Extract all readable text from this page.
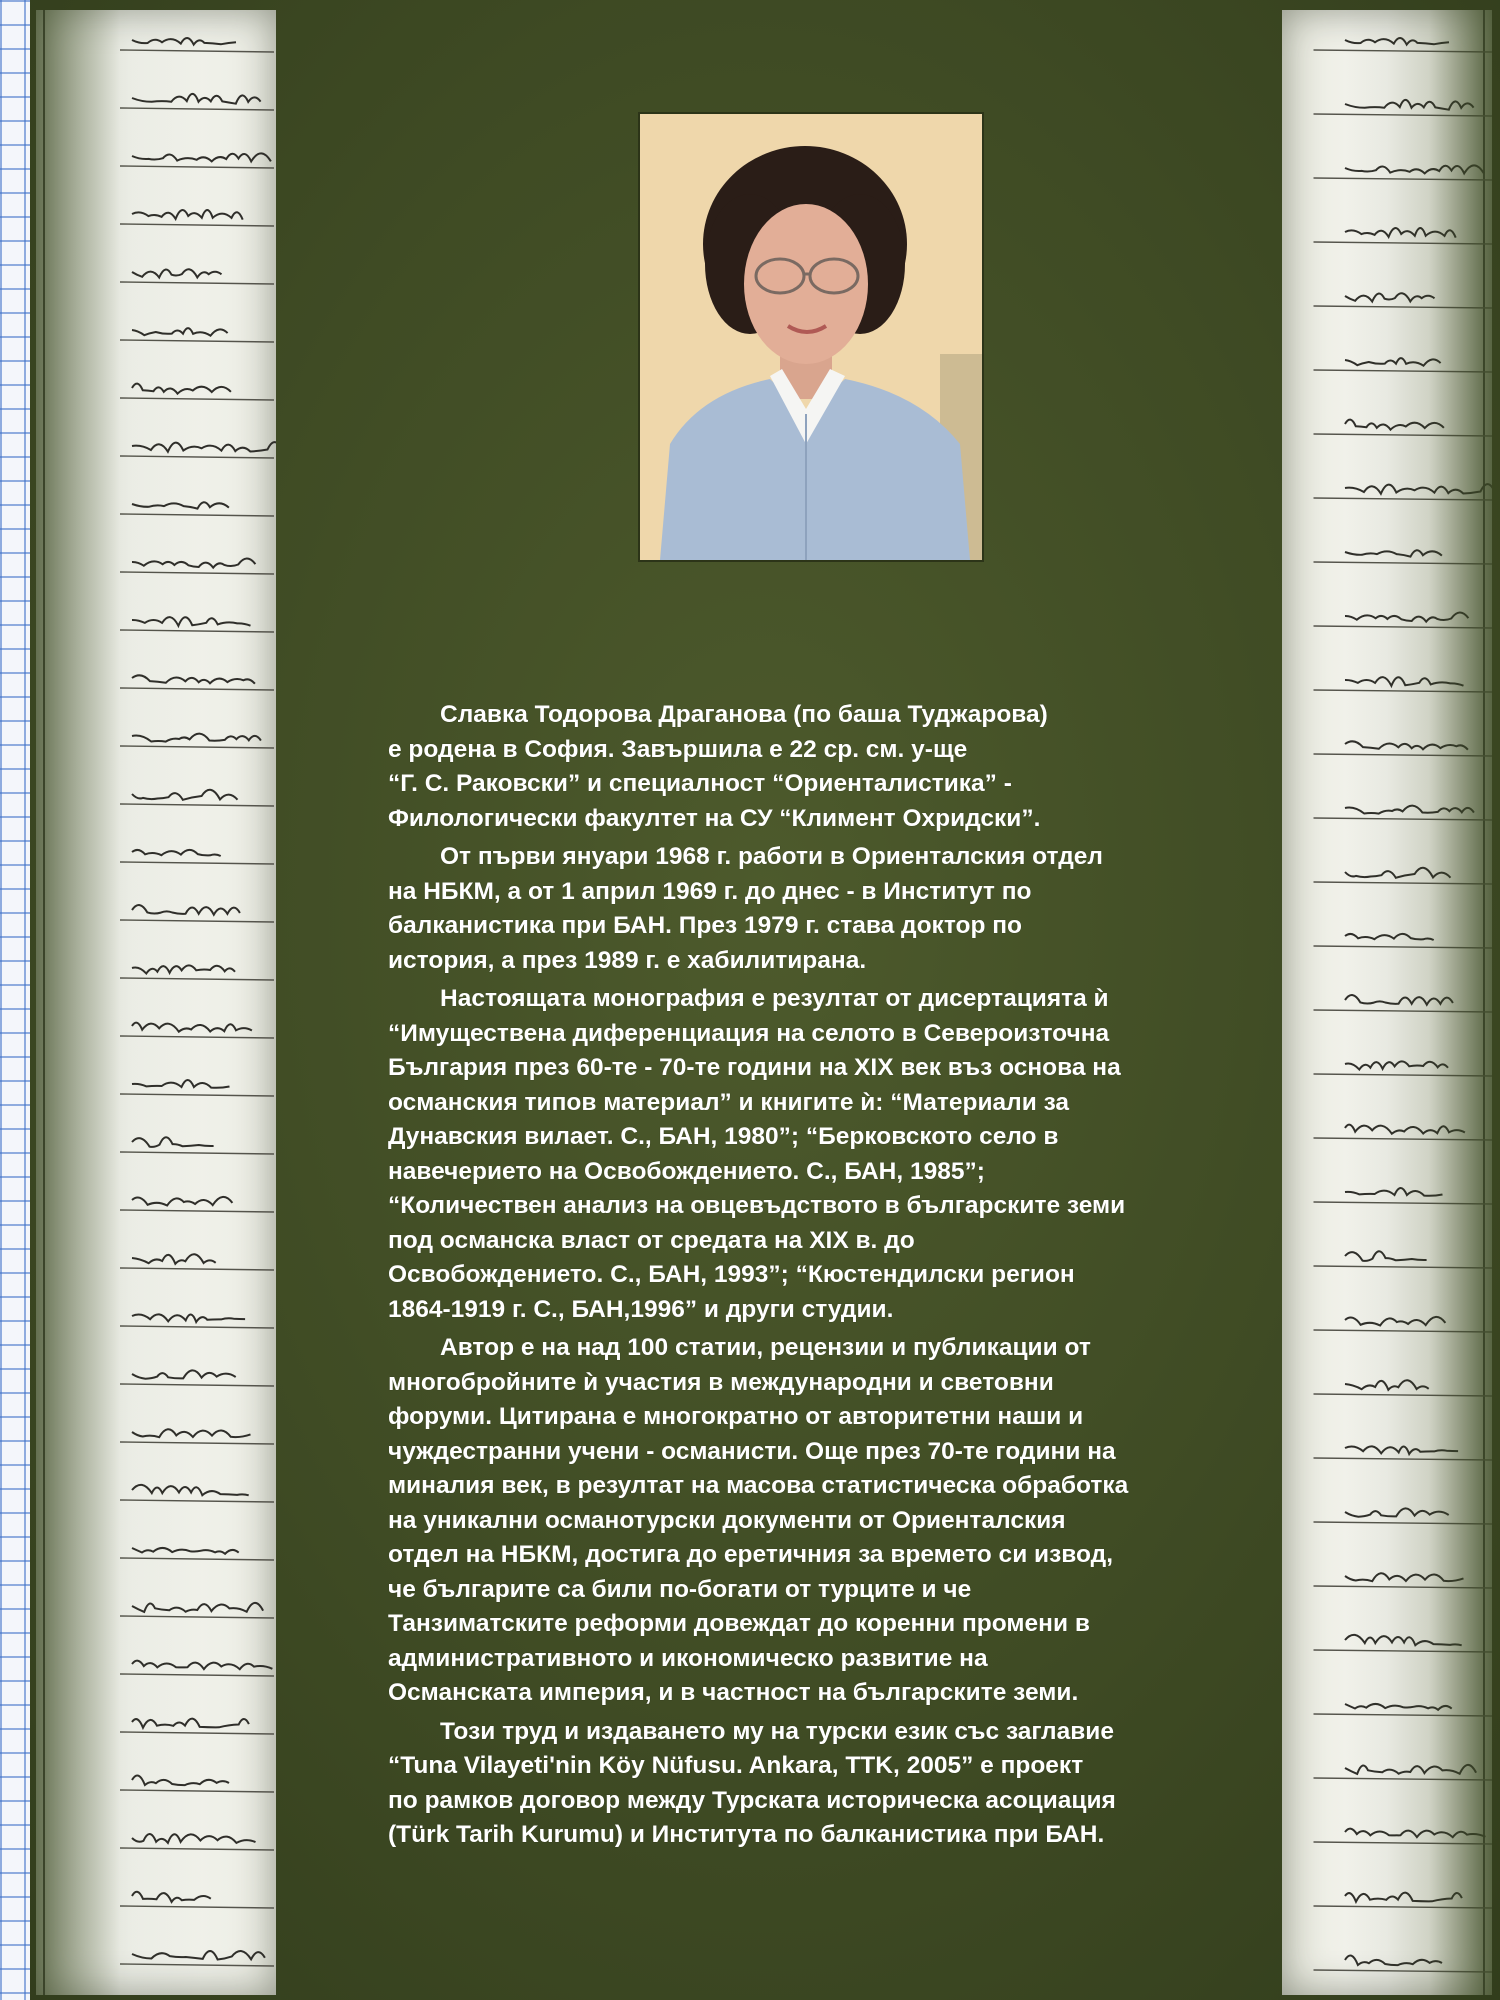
Славка Тодорова Драганова (по баша Туджарова)
е родена в София. Завършила е 22 ср. см. у-ще
“Г. С. Раковски” и специалност “Ориенталистика” -
Филологически факултет на СУ “Климент Охридски”.

От първи януари 1968 г. работи в Ориенталския отдел
на НБКМ, а от 1 април 1969 г. до днес - в Институт по
балканистика при БАН. През 1979 г. става доктор по
история, а през 1989 г. е хабилитирана.

Настоящата монография е резултат от дисертацията ѝ
“Имуществена диференциация на селото в Североизточна
България през 60-те - 70-те години на XIX век въз основа на
османския типов материал” и книгите ѝ: “Материали за
Дунавския вилает. С., БАН, 1980”; “Берковското село в
навечерието на Освобождението. С., БАН, 1985”;
“Количествен анализ на овцевъдството в българските земи
под османска власт от средата на XIX в. до
Освобождението. С., БАН, 1993”; “Кюстендилски регион
1864-1919 г. С., БАН,1996” и други студии.

Автор е на над 100 статии, рецензии и публикации от
многобройните ѝ участия в международни и световни
форуми. Цитирана е многократно от авторитетни наши и
чуждестранни учени - османисти. Още през 70-те години на
миналия век, в резултат на масова статистическа обработка
на уникални османотурски документи от Ориенталския
отдел на НБКМ, достига до еретичния за времето си извод,
че българите са били по-богати от турците и че
Танзиматските реформи довеждат до коренни промени в
административното и икономическо развитие на
Османската империя, и в частност на българските земи.

Този труд и издаването му на турски език със заглавие
“Tuna Vilayeti'nin Köy Nüfusu. Ankara, TTK, 2005” е проект
по рамков договор между Турската историческа асоциация
(Türk Tarih Kurumu) и Института по балканистика при БАН.
